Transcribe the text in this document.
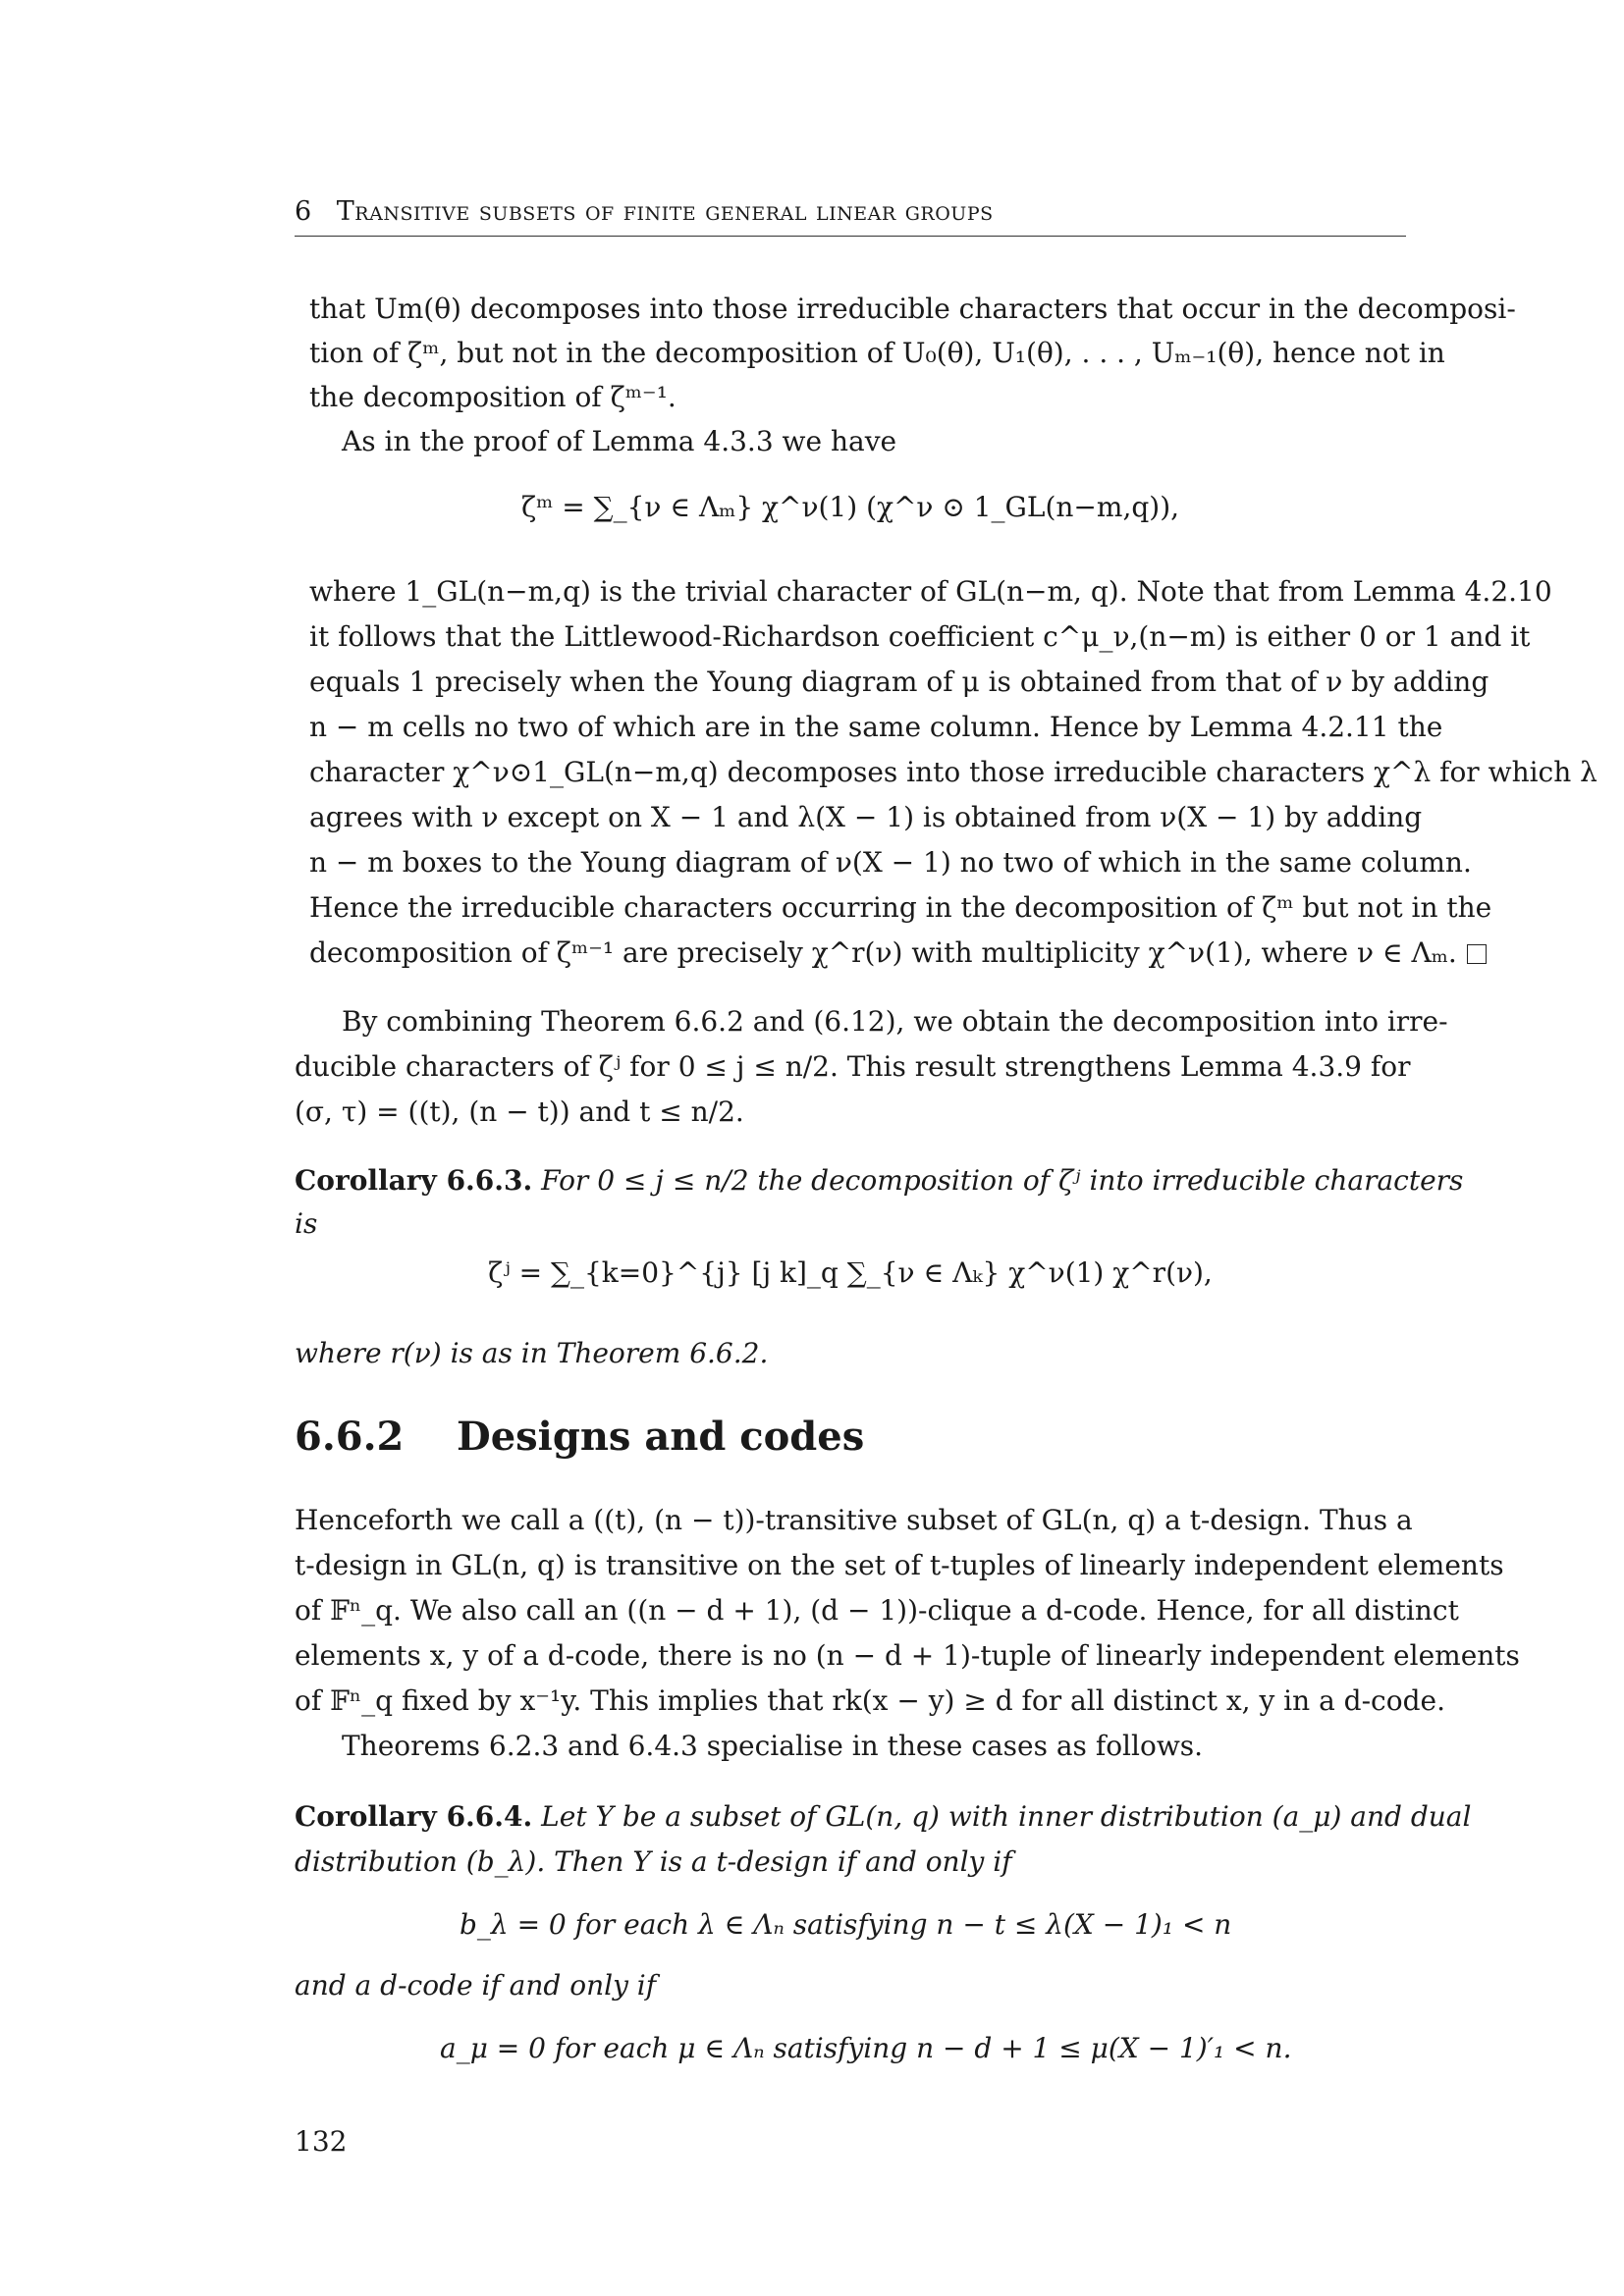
6 Transitive subsets of finite general linear groups
that Um(θ) decomposes into those irreducible characters that occur in the decomposi-
tion of ζᵐ, but not in the decomposition of U₀(θ), U₁(θ), . . . , Uₘ₋₁(θ), hence not in
the decomposition of ζᵐ⁻¹.
As in the proof of Lemma 4.3.3 we have
ζᵐ = ∑_{ν ∈ Λₘ} χ^ν(1) (χ^ν ⊙ 1_GL(n−m,q)),
where 1_GL(n−m,q) is the trivial character of GL(n−m, q). Note that from Lemma 4.2.10
it follows that the Littlewood-Richardson coefficient c^μ_ν,(n−m) is either 0 or 1 and it
equals 1 precisely when the Young diagram of μ is obtained from that of ν by adding
n − m cells no two of which are in the same column. Hence by Lemma 4.2.11 the
character χ^ν⊙1_GL(n−m,q) decomposes into those irreducible characters χ^λ for which λ
agrees with ν except on X − 1 and λ(X − 1) is obtained from ν(X − 1) by adding
n − m boxes to the Young diagram of ν(X − 1) no two of which in the same column.
Hence the irreducible characters occurring in the decomposition of ζᵐ but not in the
decomposition of ζᵐ⁻¹ are precisely χ^r(ν) with multiplicity χ^ν(1), where ν ∈ Λₘ.
By combining Theorem 6.6.2 and (6.12), we obtain the decomposition into irre-
ducible characters of ζʲ for 0 ≤ j ≤ n/2. This result strengthens Lemma 4.3.9 for
(σ, τ) = ((t), (n − t)) and t ≤ n/2.
Corollary 6.6.3. For 0 ≤ j ≤ n/2 the decomposition of ζʲ into irreducible characters
is
ζʲ = ∑_{k=0}^{j} [j k]_q ∑_{ν ∈ Λₖ} χ^ν(1) χ^r(ν),
where r(ν) is as in Theorem 6.6.2.
6.6.2 Designs and codes
Henceforth we call a ((t), (n − t))-transitive subset of GL(n, q) a t-design. Thus a
t-design in GL(n, q) is transitive on the set of t-tuples of linearly independent elements
of 𝔽ⁿ_q. We also call an ((n − d + 1), (d − 1))-clique a d-code. Hence, for all distinct
elements x, y of a d-code, there is no (n − d + 1)-tuple of linearly independent elements
of 𝔽ⁿ_q fixed by x⁻¹y. This implies that rk(x − y) ≥ d for all distinct x, y in a d-code.
Theorems 6.2.3 and 6.4.3 specialise in these cases as follows.
Corollary 6.6.4. Let Y be a subset of GL(n, q) with inner distribution (a_μ) and dual
distribution (b_λ). Then Y is a t-design if and only if
b_λ = 0 for each λ ∈ Λₙ satisfying n − t ≤ λ(X − 1)₁ < n
and a d-code if and only if
a_μ = 0 for each μ ∈ Λₙ satisfying n − d + 1 ≤ μ(X − 1)′₁ < n.
132
